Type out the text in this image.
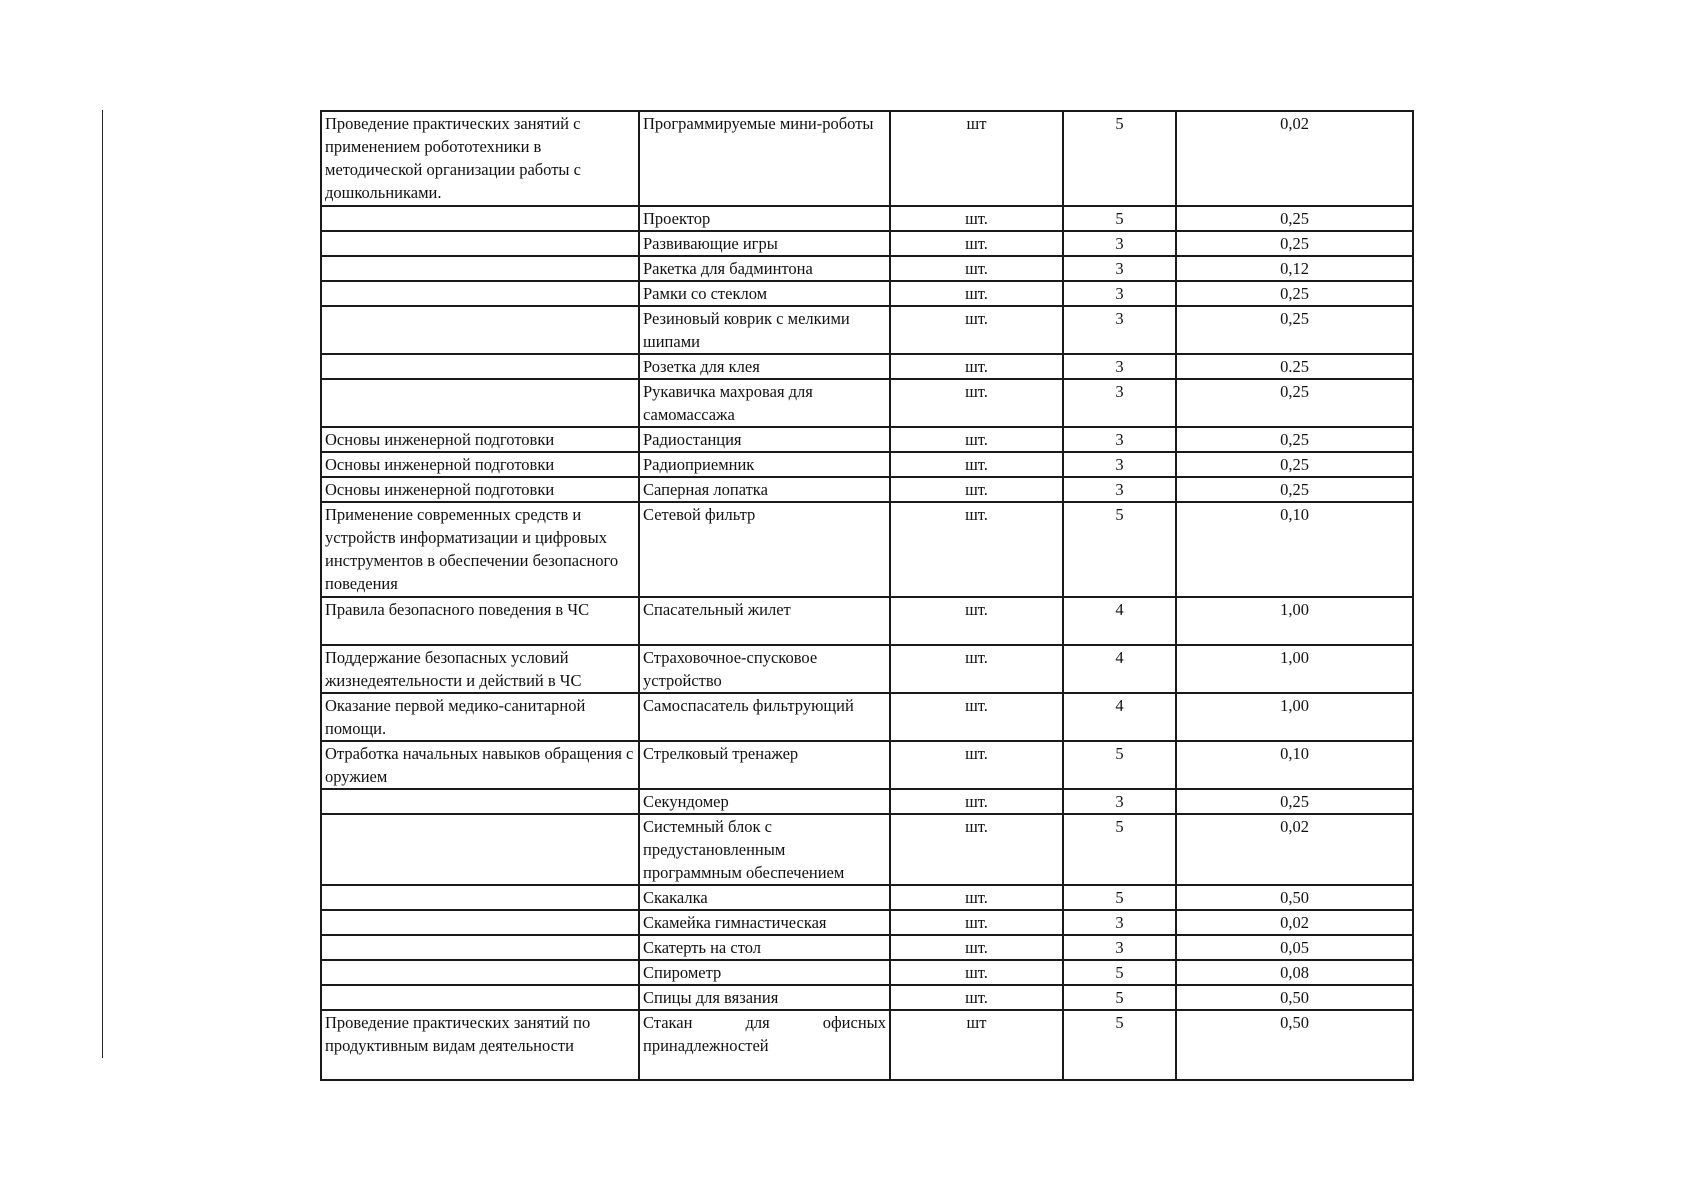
Проведение практических занятий с применением робототехники в методической организации работы с дошкольниками.	Программируемые мини-роботы	шт	5	0,02
	Проектор	шт.	5	0,25
	Развивающие игры	шт.	3	0,25
	Ракетка для бадминтона	шт.	3	0,12
	Рамки со стеклом	шт.	3	0,25
	Резиновый коврик с мелкими шипами	шт.	3	0,25
	Розетка для клея	шт.	3	0.25
	Рукавичка махровая для самомассажа	шт.	3	0,25
Основы инженерной подготовки	Радиостанция	шт.	3	0,25
Основы инженерной подготовки	Радиоприемник	шт.	3	0,25
Основы инженерной подготовки	Саперная лопатка	шт.	3	0,25
Применение современных средств и устройств информатизации и цифровых инструментов в обеспечении безопасного поведения	Сетевой фильтр	шт.	5	0,10
Правила безопасного поведения в ЧС	Спасательный жилет	шт.	4	1,00
Поддержание безопасных условий жизнедеятельности и действий в ЧС	Страховочное-спусковое устройство	шт.	4	1,00
Оказание первой медико-санитарной помощи.	Самоспасатель фильтрующий	шт.	4	1,00
Отработка начальных навыков обращения с оружием	Стрелковый тренажер	шт.	5	0,10
	Секундомер	шт.	3	0,25
	Системный блок с предустановленным программным обеспечением	шт.	5	0,02
	Скакалка	шт.	5	0,50
	Скамейка гимнастическая	шт.	3	0,02
	Скатерть на стол	шт.	3	0,05
	Спирометр	шт.	5	0,08
	Спицы для вязания	шт.	5	0,50
Проведение практических занятий по продуктивным видам деятельности	Стакан для офисных принадлежностей	шт	5	0,50
